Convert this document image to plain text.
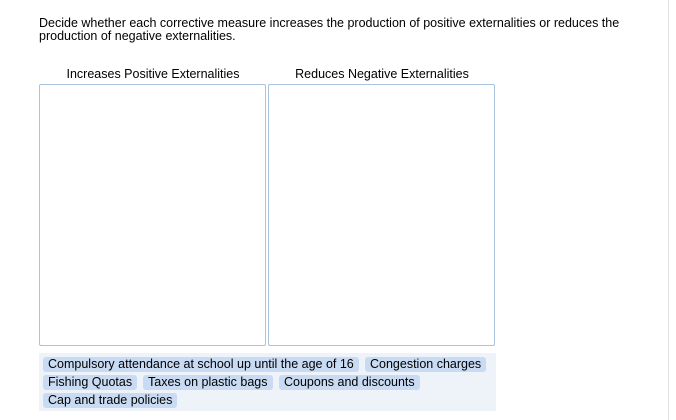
Decide whether each corrective measure increases the production of positive externalities or reduces the production of negative externalities.
Increases Positive Externalities	Reduces Negative Externalities
Compulsory attendance at school up until the age of 16	Congestion charges
Fishing Quotas	Taxes on plastic bags	Coupons and discounts
Cap and trade policies
